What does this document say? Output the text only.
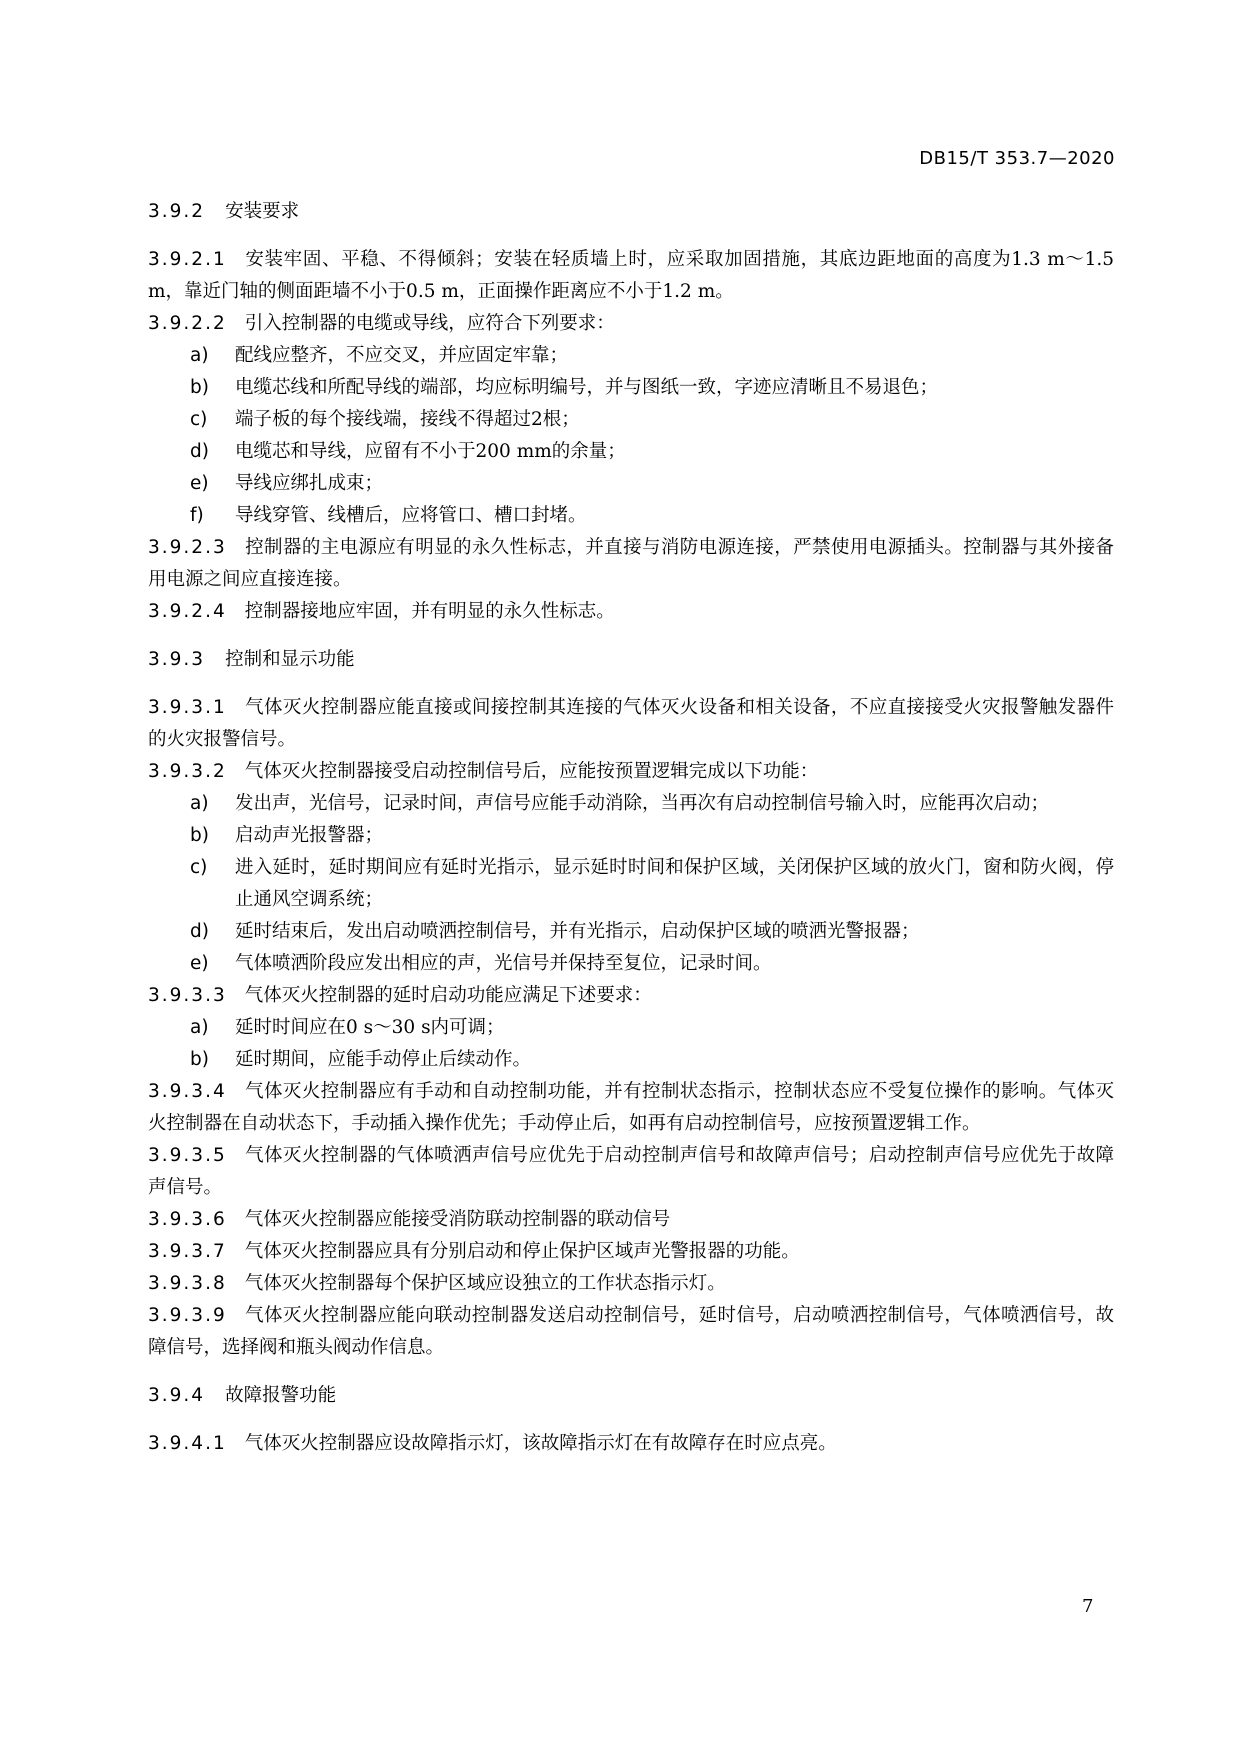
DB15/T 353.7—2020
3.9.2 安装要求
3.9.2.1 安装牢固、平稳、不得倾斜；安装在轻质墙上时，应采取加固措施，其底边距地面的高度为1.3 m～1.5 m，靠近门轴的侧面距墙不小于0.5 m，正面操作距离应不小于1.2 m。
3.9.2.2 引入控制器的电缆或导线，应符合下列要求：
a)	配线应整齐，不应交叉，并应固定牢靠；
b)	电缆芯线和所配导线的端部，均应标明编号，并与图纸一致，字迹应清晰且不易退色；
c)	端子板的每个接线端，接线不得超过2根；
d)	电缆芯和导线，应留有不小于200 mm的余量；
e)	导线应绑扎成束；
f)	导线穿管、线槽后，应将管口、槽口封堵。
3.9.2.3 控制器的主电源应有明显的永久性标志，并直接与消防电源连接，严禁使用电源插头。控制器与其外接备用电源之间应直接连接。
3.9.2.4 控制器接地应牢固，并有明显的永久性标志。
3.9.3 控制和显示功能
3.9.3.1 气体灭火控制器应能直接或间接控制其连接的气体灭火设备和相关设备，不应直接接受火灾报警触发器件的火灾报警信号。
3.9.3.2 气体灭火控制器接受启动控制信号后，应能按预置逻辑完成以下功能：
a)	发出声，光信号，记录时间，声信号应能手动消除，当再次有启动控制信号输入时，应能再次启动；
b)	启动声光报警器；
c)	进入延时，延时期间应有延时光指示，显示延时时间和保护区域，关闭保护区域的放火门，窗和防火阀，停止通风空调系统；
d)	延时结束后，发出启动喷洒控制信号，并有光指示，启动保护区域的喷洒光警报器；
e)	气体喷洒阶段应发出相应的声，光信号并保持至复位，记录时间。
3.9.3.3 气体灭火控制器的延时启动功能应满足下述要求：
a)	延时时间应在0 s～30 s内可调；
b)	延时期间，应能手动停止后续动作。
3.9.3.4 气体灭火控制器应有手动和自动控制功能，并有控制状态指示，控制状态应不受复位操作的影响。气体灭火控制器在自动状态下，手动插入操作优先；手动停止后，如再有启动控制信号，应按预置逻辑工作。
3.9.3.5 气体灭火控制器的气体喷洒声信号应优先于启动控制声信号和故障声信号；启动控制声信号应优先于故障声信号。
3.9.3.6 气体灭火控制器应能接受消防联动控制器的联动信号
3.9.3.7 气体灭火控制器应具有分别启动和停止保护区域声光警报器的功能。
3.9.3.8 气体灭火控制器每个保护区域应设独立的工作状态指示灯。
3.9.3.9 气体灭火控制器应能向联动控制器发送启动控制信号，延时信号，启动喷洒控制信号，气体喷洒信号，故障信号，选择阀和瓶头阀动作信息。
3.9.4 故障报警功能
3.9.4.1 气体灭火控制器应设故障指示灯，该故障指示灯在有故障存在时应点亮。
7
